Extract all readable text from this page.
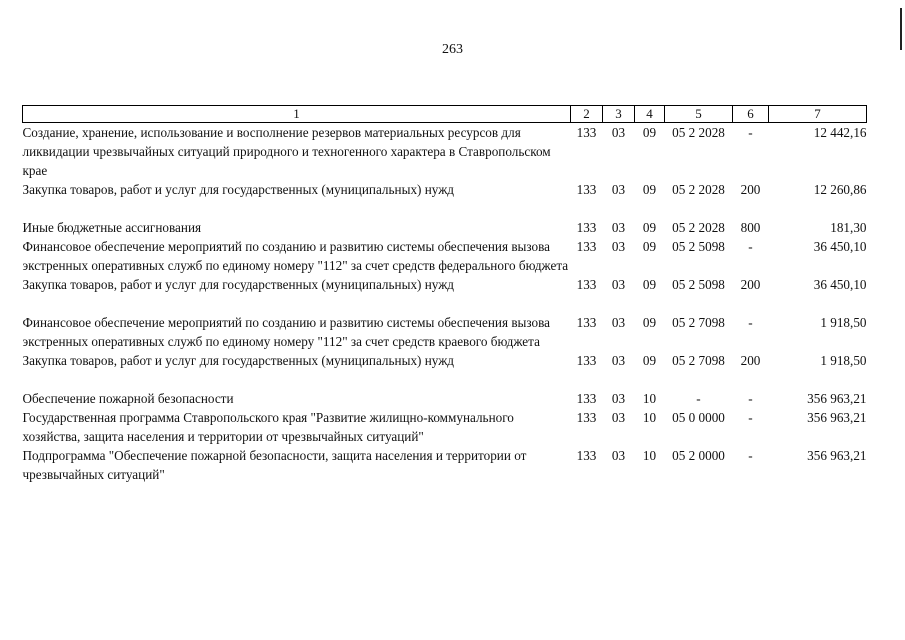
263
1	2	3	4	5	6	7
Создание, хранение, использование и восполнение резервов материальных ресурсов для ликвидации чрезвычайных ситуаций природного и техногенного характера в Ставропольском крае	133	03	09	05 2 2028	-	12 442,16
Закупка товаров, работ и услуг для государственных (муниципальных) нужд	133	03	09	05 2 2028	200	12 260,86

Иные бюджетные ассигнования	133	03	09	05 2 2028	800	181,30
Финансовое обеспечение мероприятий по созданию и развитию системы обеспечения вызова экстренных оперативных служб по единому номеру "112" за счет средств федерального бюджета	133	03	09	05 2 5098	-	36 450,10
Закупка товаров, работ и услуг для государственных (муниципальных) нужд	133	03	09	05 2 5098	200	36 450,10

Финансовое обеспечение мероприятий по созданию и развитию системы обеспечения вызова экстренных оперативных служб по единому номеру "112" за счет средств краевого бюджета	133	03	09	05 2 7098	-	1 918,50
Закупка товаров, работ и услуг для государственных (муниципальных) нужд	133	03	09	05 2 7098	200	1 918,50

Обеспечение пожарной безопасности	133	03	10	-	-	356 963,21
Государственная программа Ставропольского края "Развитие жилищно-коммунального хозяйства, защита населения и территории от чрезвычайных ситуаций"	133	03	10	05 0 0000	-	356 963,21
Подпрограмма "Обеспечение пожарной безопасности, защита населения и территории от чрезвычайных ситуаций"	133	03	10	05 2 0000	-	356 963,21
